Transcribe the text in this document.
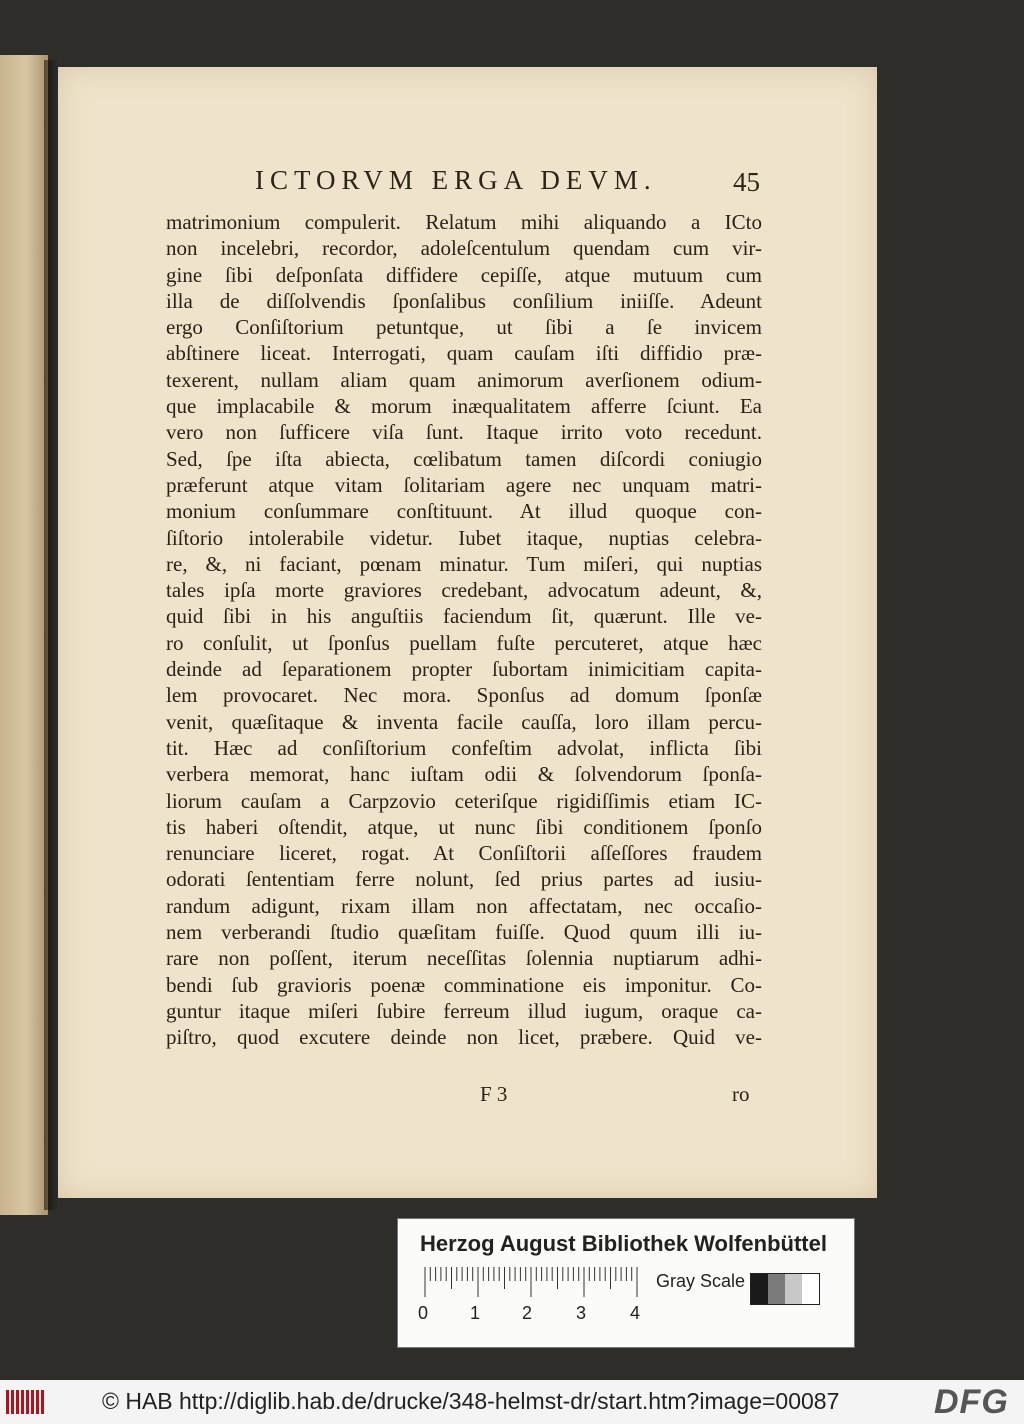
ICTORVM ERGA DEVM.	45
matrimonium compulerit. Relatum mihi aliquando a ICto
non incelebri, recordor, adoleſcentulum quendam cum vir-
gine ſibi deſponſata diffidere cepiſſe, atque mutuum cum
illa de diſſolvendis ſponſalibus conſilium iniiſſe. Adeunt
ergo Conſiſtorium petuntque, ut ſibi a ſe invicem
abſtinere liceat. Interrogati, quam cauſam iſti diffidio præ-
texerent, nullam aliam quam animorum averſionem odium-
que implacabile & morum inæqualitatem afferre ſciunt. Ea
vero non ſufficere viſa ſunt. Itaque irrito voto recedunt.
Sed, ſpe iſta abiecta, cœlibatum tamen diſcordi coniugio
præferunt atque vitam ſolitariam agere nec unquam matri-
monium conſummare conſtituunt. At illud quoque con-
ſiſtorio intolerabile videtur. Iubet itaque, nuptias celebra-
re, &, ni faciant, pœnam minatur. Tum miſeri, qui nuptias
tales ipſa morte graviores credebant, advocatum adeunt, &,
quid ſibi in his anguſtiis faciendum ſit, quærunt. Ille ve-
ro conſulit, ut ſponſus puellam fuſte percuteret, atque hæc
deinde ad ſeparationem propter ſubortam inimicitiam capita-
lem provocaret. Nec mora. Sponſus ad domum ſponſæ
venit, quæſitaque & inventa facile cauſſa, loro illam percu-
tit. Hæc ad conſiſtorium confeſtim advolat, inflicta ſibi
verbera memorat, hanc iuſtam odii & ſolvendorum ſponſa-
liorum cauſam a Carpzovio ceteriſque rigidiſſimis etiam IC-
tis haberi oſtendit, atque, ut nunc ſibi conditionem ſponſo
renunciare liceret, rogat. At Conſiſtorii aſſeſſores fraudem
odorati ſententiam ferre nolunt, ſed prius partes ad iusiu-
randum adigunt, rixam illam non affectatam, nec occaſio-
nem verberandi ſtudio quæſitam fuiſſe. Quod quum illi iu-
rare non poſſent, iterum neceſſitas ſolennia nuptiarum adhi-
bendi ſub gravioris poenæ comminatione eis imponitur. Co-
guntur itaque miſeri ſubire ferreum illud iugum, oraque ca-
piſtro, quod excutere deinde non licet, præbere. Quid ve-
F 3	ro
Herzog August Bibliothek Wolfenbüttel
0 1 2 3 4
Gray Scale
© HAB http://diglib.hab.de/drucke/348-helmst-dr/start.htm?image=00087	DFG
